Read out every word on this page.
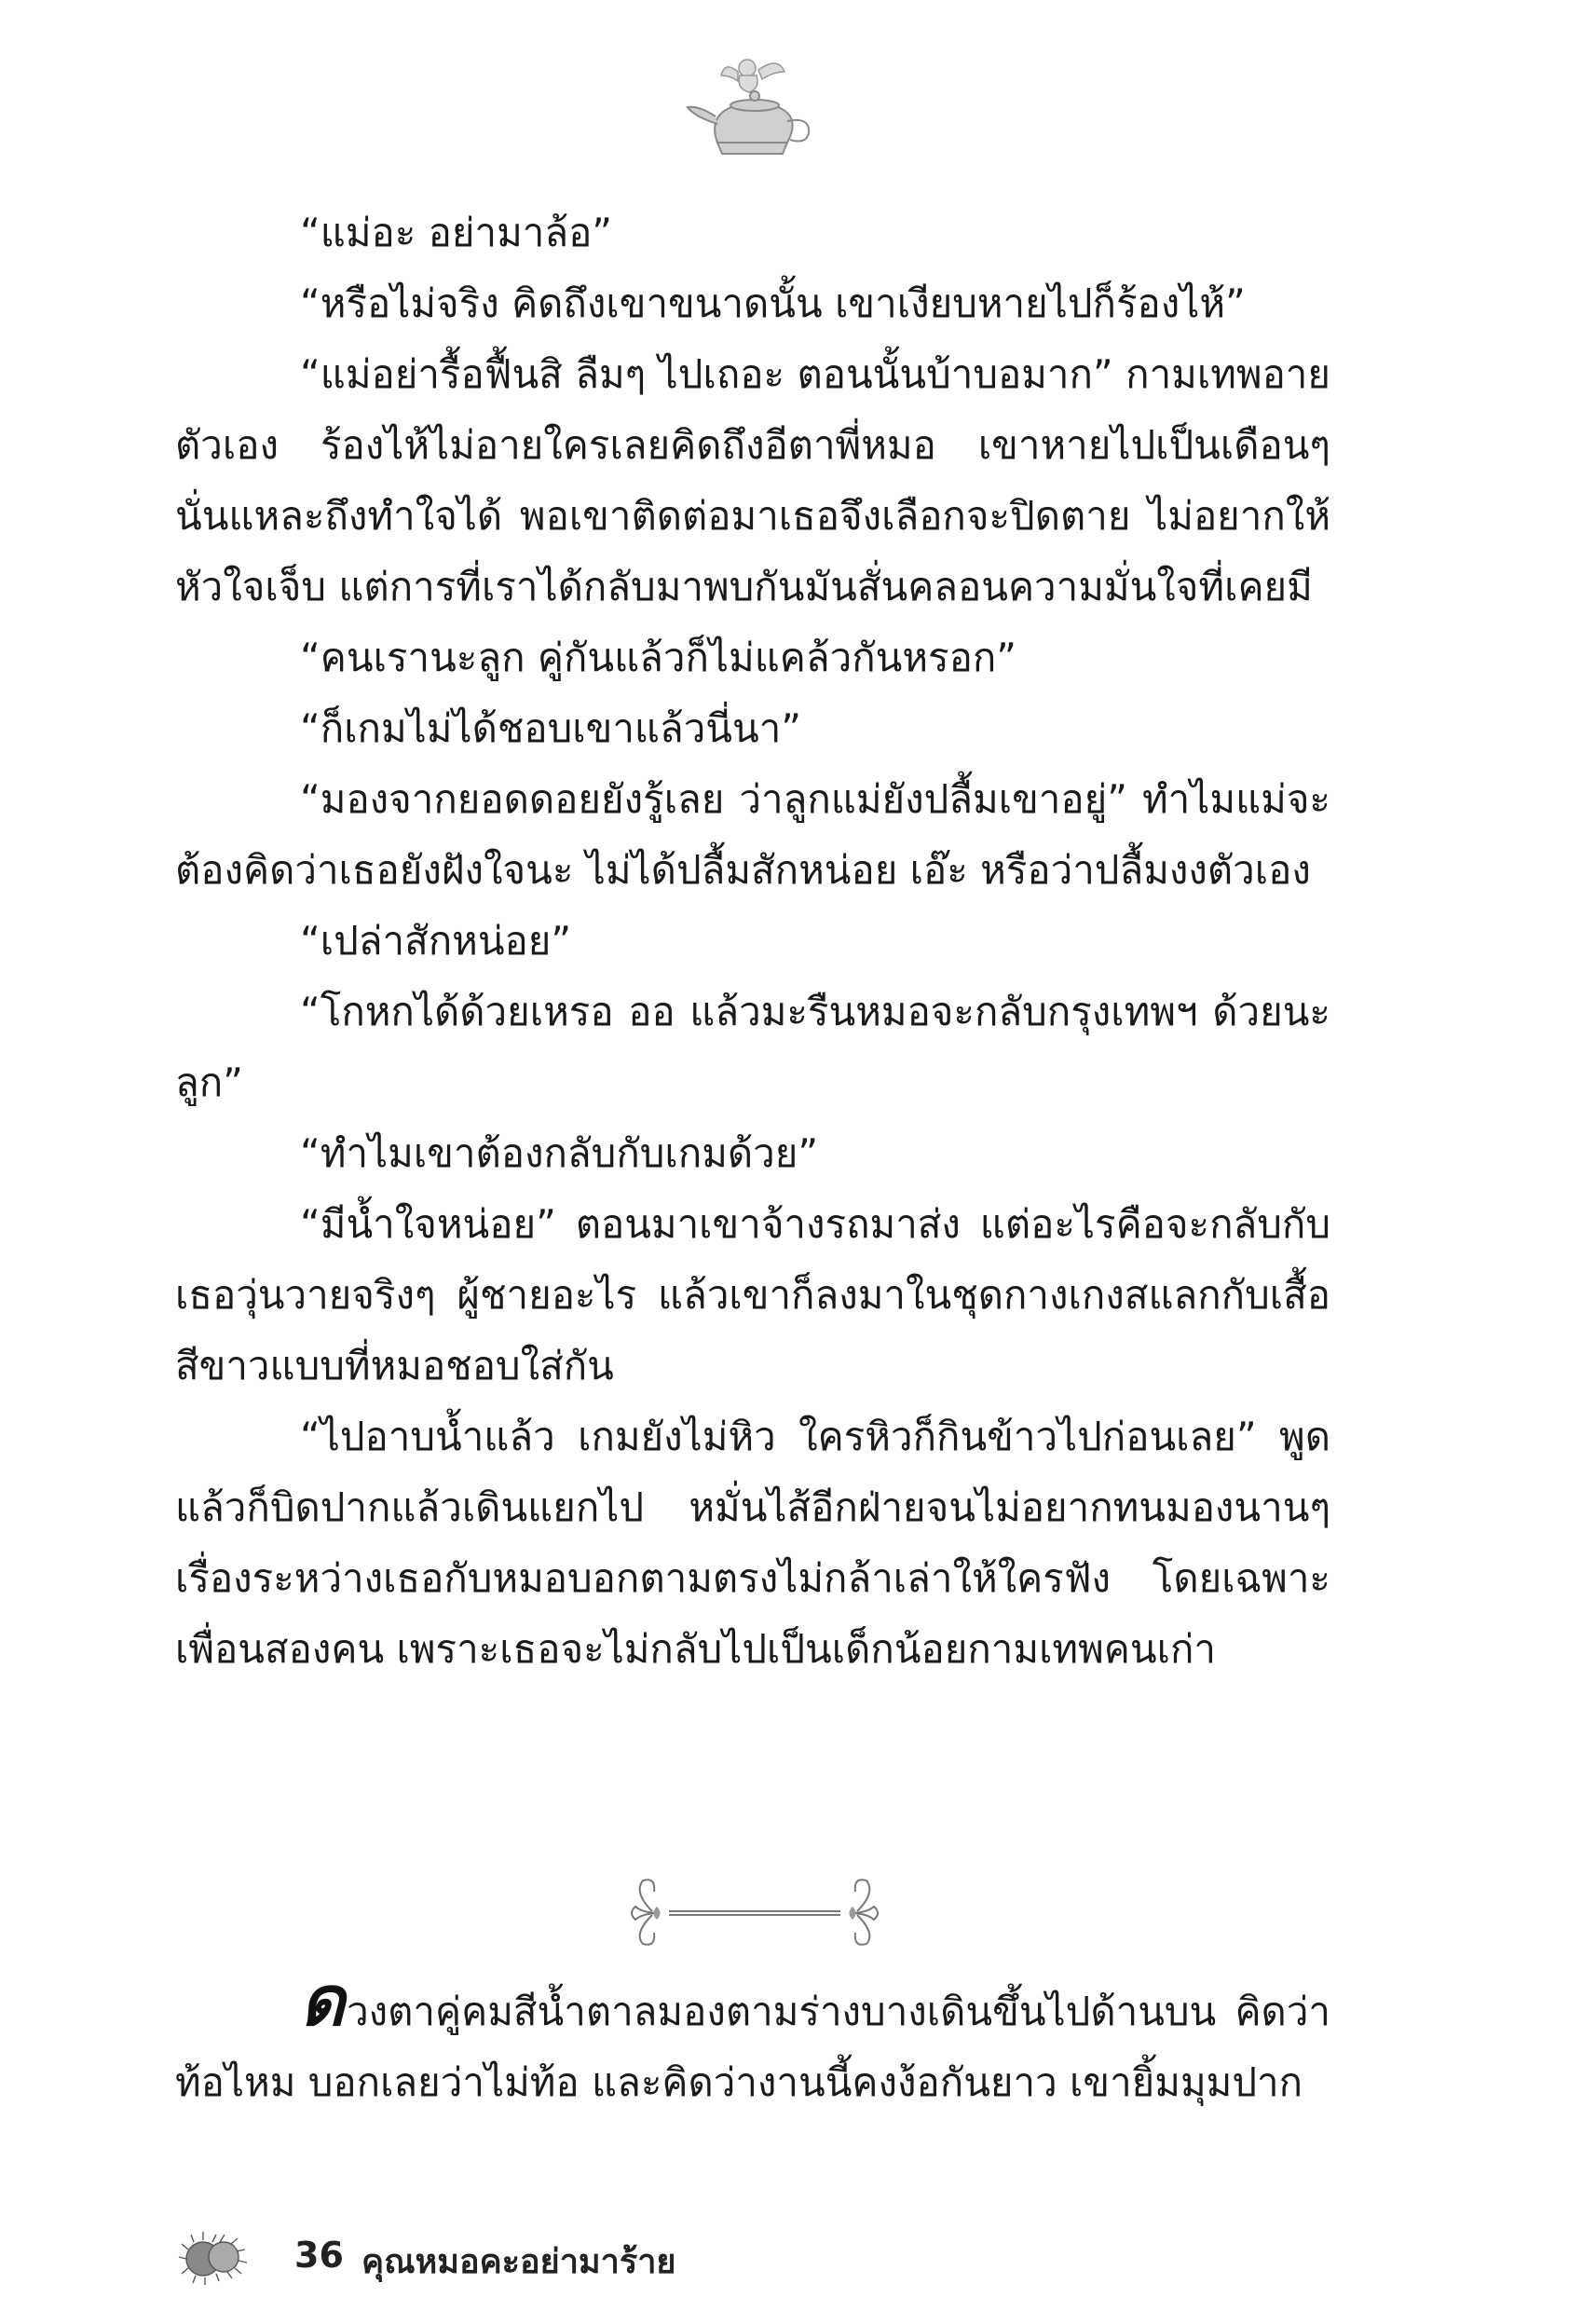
“แม่อะ อย่ามาล้อ”

“หรือไม่จริง คิดถึงเขาขนาดนั้น เขาเงียบหายไปก็ร้องไห้”

“แม่อย่ารื้อฟื้นสิ ลืมๆ ไปเถอะ ตอนนั้นบ้าบอมาก” กามเทพอายตัวเอง ร้องไห้ไม่อายใครเลยคิดถึงอีตาพี่หมอ เขาหายไปเป็นเดือนๆ นั่นแหละถึงทำใจได้ พอเขาติดต่อมาเธอจึงเลือกจะปิดตาย ไม่อยากให้หัวใจเจ็บ แต่การที่เราได้กลับมาพบกันมันสั่นคลอนความมั่นใจที่เคยมี

“คนเรานะลูก คู่กันแล้วก็ไม่แคล้วกันหรอก”

“ก็เกมไม่ได้ชอบเขาแล้วนี่นา”

“มองจากยอดดอยยังรู้เลย ว่าลูกแม่ยังปลื้มเขาอยู่” ทำไมแม่จะต้องคิดว่าเธอยังฝังใจนะ ไม่ได้ปลื้มสักหน่อย เอ๊ะ หรือว่าปลื้มงงตัวเอง

“เปล่าสักหน่อย”

“โกหกได้ด้วยเหรอ ออ แล้วมะรืนหมอจะกลับกรุงเทพฯ ด้วยนะลูก”

“ทำไมเขาต้องกลับกับเกมด้วย”

“มีน้ำใจหน่อย” ตอนมาเขาจ้างรถมาส่ง แต่อะไรคือจะกลับกับเธอวุ่นวายจริงๆ ผู้ชายอะไร แล้วเขาก็ลงมาในชุดกางเกงสแลกกับเสื้อสีขาวแบบที่หมอชอบใส่กัน

“ไปอาบน้ำแล้ว เกมยังไม่หิว ใครหิวก็กินข้าวไปก่อนเลย” พูดแล้วก็บิดปากแล้วเดินแยกไป หมั่นไส้อีกฝ่ายจนไม่อยากทนมองนานๆ เรื่องระหว่างเธอกับหมอบอกตามตรงไม่กล้าเล่าให้ใครฟัง โดยเฉพาะเพื่อนสองคน เพราะเธอจะไม่กลับไปเป็นเด็กน้อยกามเทพคนเก่า

ดวงตาคู่คมสีน้ำตาลมองตามร่างบางเดินขึ้นไปด้านบน คิดว่าท้อไหม บอกเลยว่าไม่ท้อ และคิดว่างานนี้คงง้อกันยาว เขายิ้มมุมปาก

36 คุณหมอคะอย่ามาร้าย
